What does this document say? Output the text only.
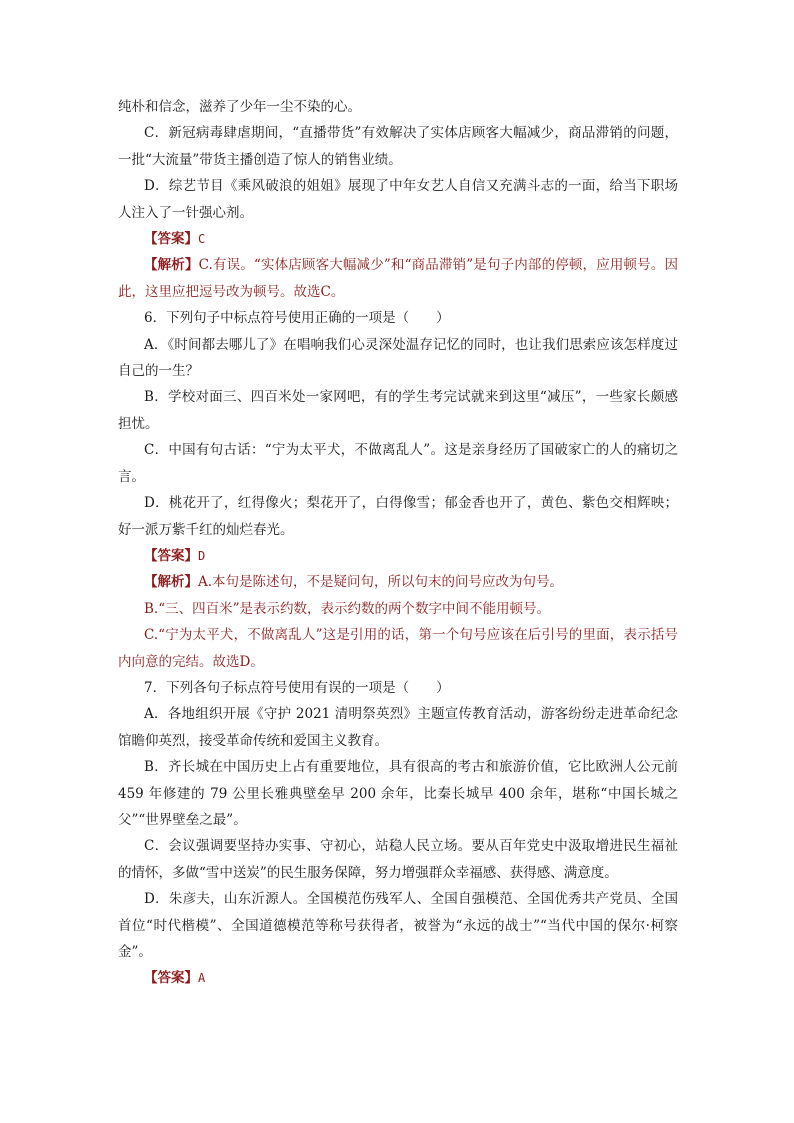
纯朴和信念，滋养了少年一尘不染的心。

C．新冠病毒肆虐期间，“直播带货”有效解决了实体店顾客大幅减少，商品滞销的问题，一批“大流量”带货主播创造了惊人的销售业绩。

D．综艺节目《乘风破浪的姐姐》展现了中年女艺人自信又充满斗志的一面，给当下职场人注入了一针强心剂。

【答案】C

【解析】C.有误。“实体店顾客大幅减少”和“商品滞销”是句子内部的停顿，应用顿号。因此，这里应把逗号改为顿号。故选C。

6．下列句子中标点符号使用正确的一项是（　　）

A．《时间都去哪儿了》在唱响我们心灵深处温存记忆的同时，也让我们思索应该怎样度过自己的一生？

B．学校对面三、四百米处一家网吧，有的学生考完试就来到这里“减压”，一些家长颇感担忧。

C．中国有句古话：“宁为太平犬，不做离乱人”。这是亲身经历了国破家亡的人的痛切之言。

D．桃花开了，红得像火；梨花开了，白得像雪；郁金香也开了，黄色、紫色交相辉映；好一派万紫千红的灿烂春光。

【答案】D

【解析】A.本句是陈述句，不是疑问句，所以句末的问号应改为句号。

B.“三、四百米”是表示约数，表示约数的两个数字中间不能用顿号。

C.“宁为太平犬，不做离乱人”这是引用的话，第一个句号应该在后引号的里面，表示括号内向意的完结。故选D。

7．下列各句子标点符号使用有误的一项是（　　）

A．各地组织开展《守护 2021 清明祭英烈》主题宣传教育活动，游客纷纷走进革命纪念馆瞻仰英烈，接受革命传统和爱国主义教育。

B．齐长城在中国历史上占有重要地位，具有很高的考古和旅游价值，它比欧洲人公元前 459 年修建的 79 公里长雅典壁垒早 200 余年，比秦长城早 400 余年，堪称“中国长城之父”“世界壁垒之最”。

C．会议强调要坚持办实事、守初心，站稳人民立场。要从百年党史中汲取增进民生福祉的情怀，多做“雪中送炭”的民生服务保障，努力增强群众幸福感、获得感、满意度。

D．朱彦夫，山东沂源人。全国模范伤残军人、全国自强模范、全国优秀共产党员、全国首位“时代楷模”、全国道德模范等称号获得者，被誉为“永远的战士”“当代中国的保尔·柯察金”。

【答案】A
